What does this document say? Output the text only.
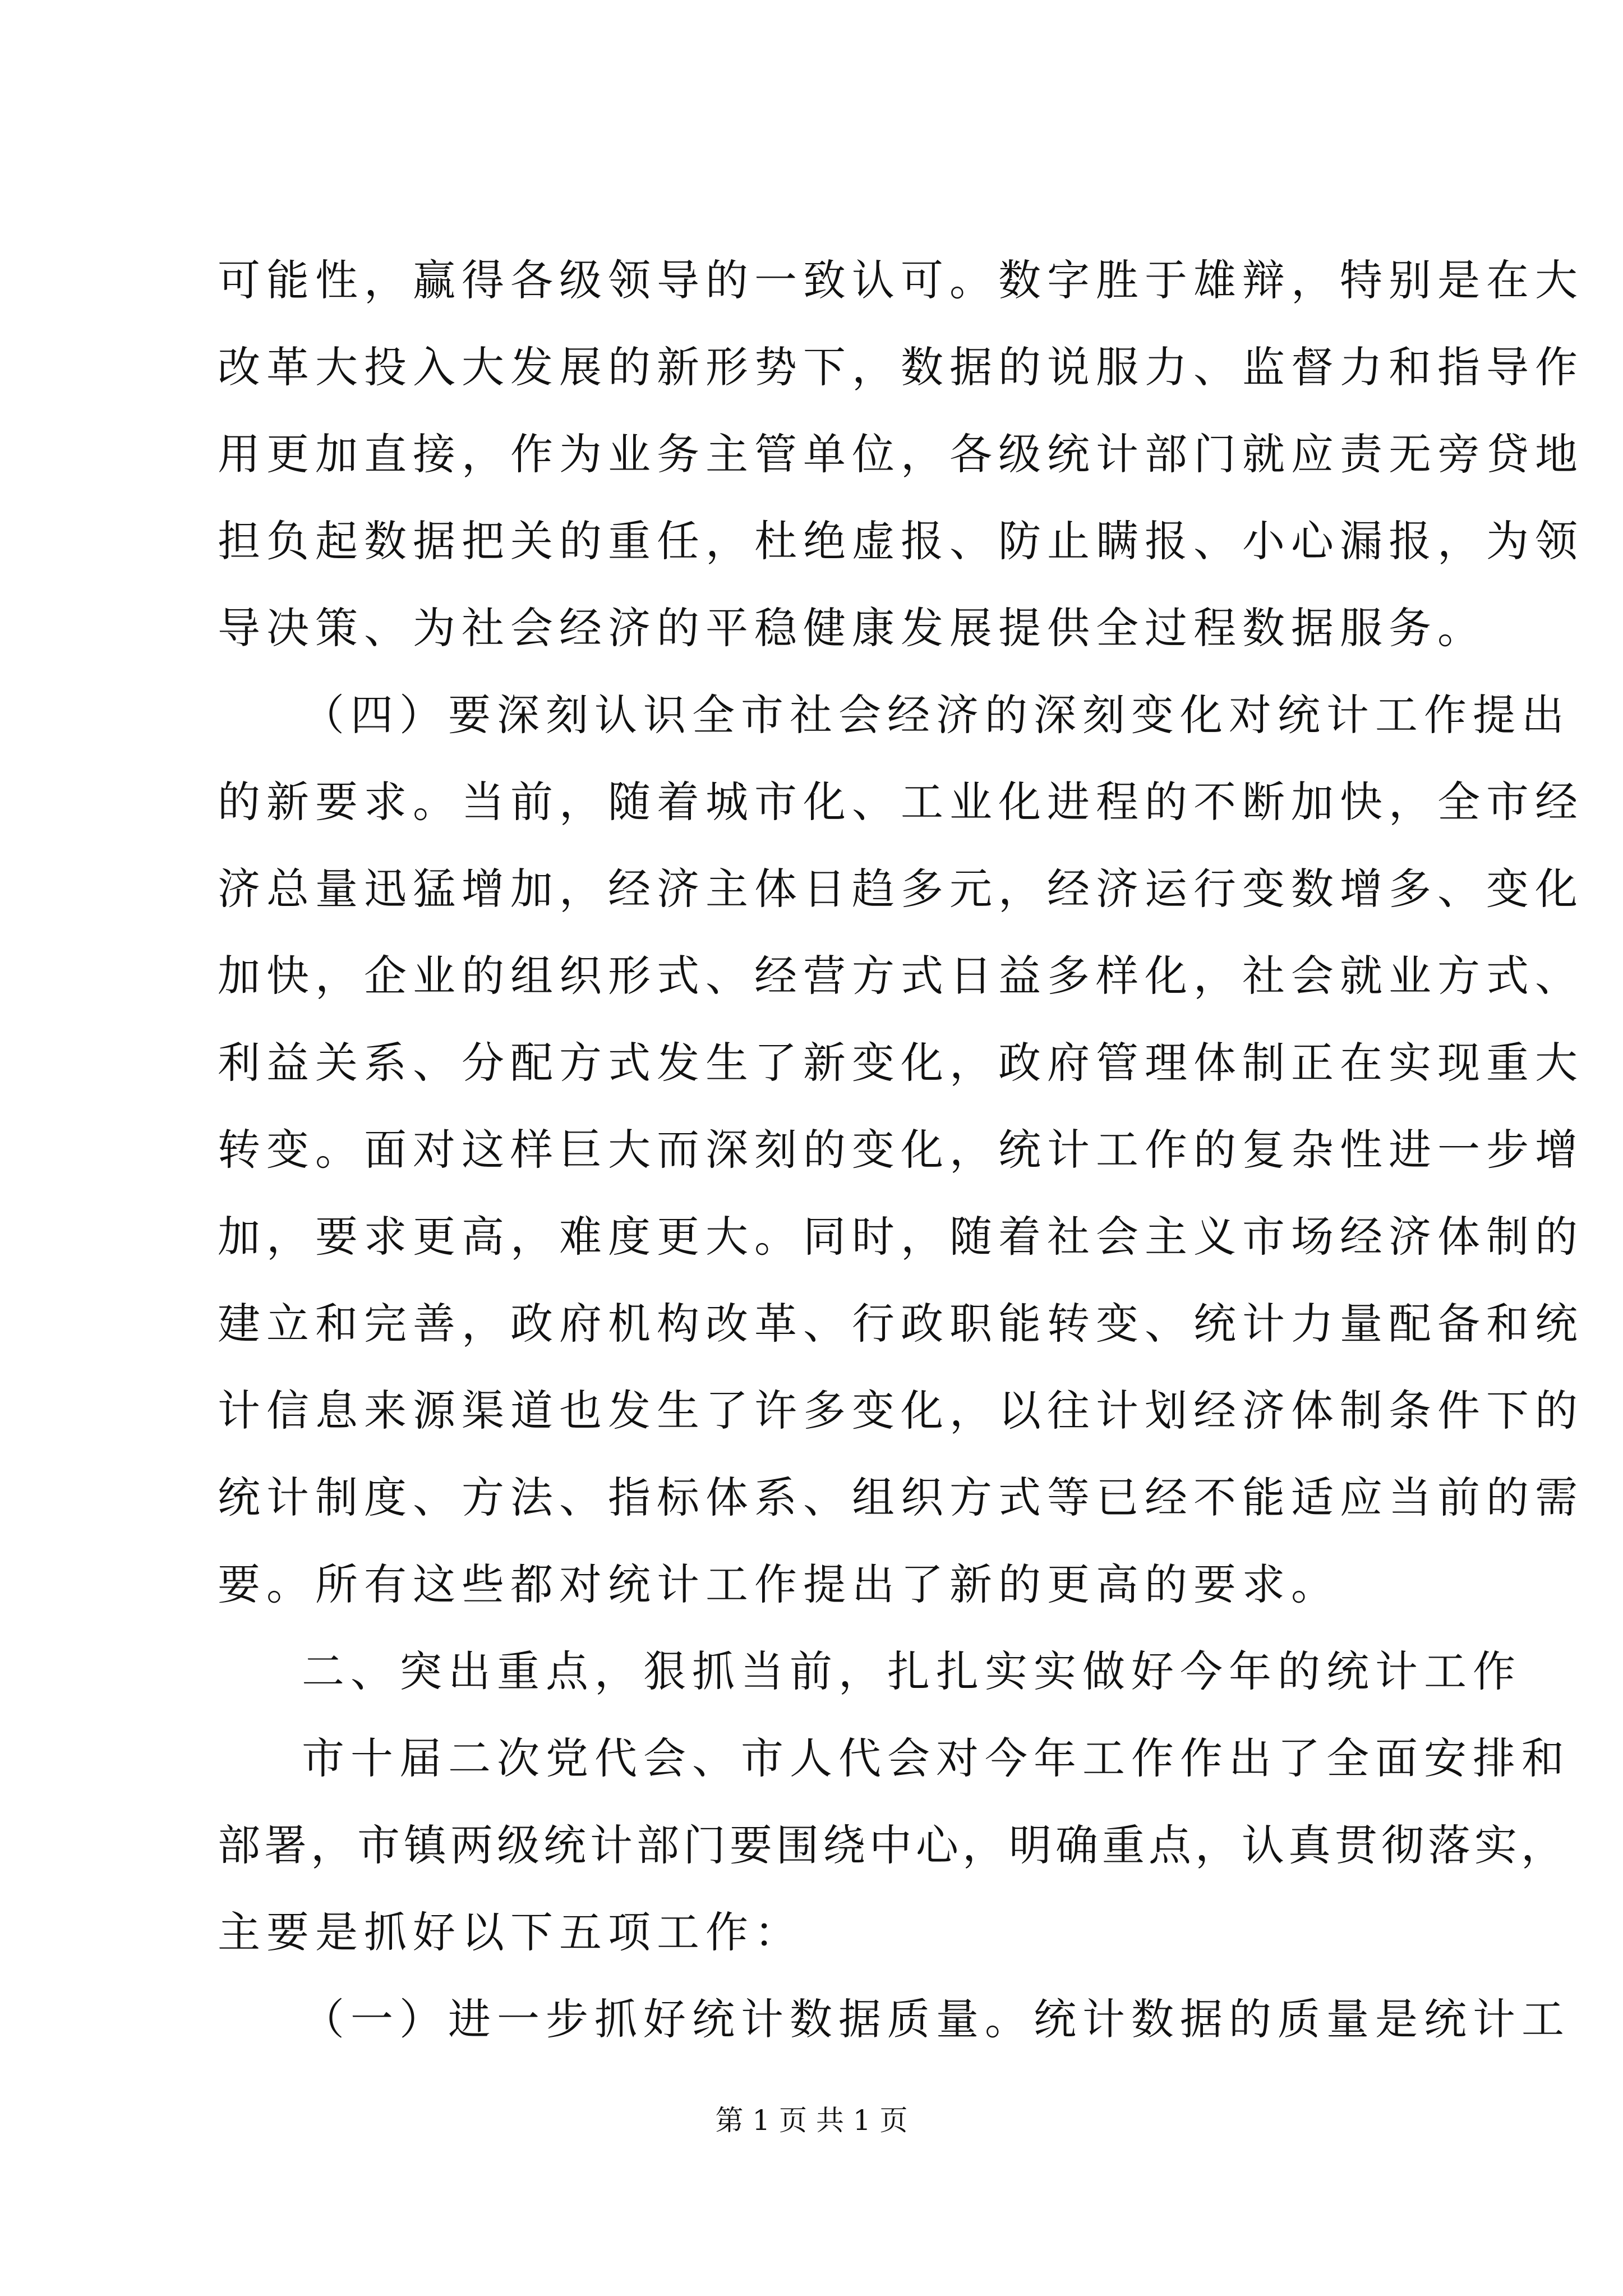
可能性，赢得各级领导的一致认可。数字胜于雄辩，特别是在大
改革大投入大发展的新形势下，数据的说服力、监督力和指导作
用更加直接，作为业务主管单位，各级统计部门就应责无旁贷地
担负起数据把关的重任，杜绝虚报、防止瞒报、小心漏报，为领
导决策、为社会经济的平稳健康发展提供全过程数据服务。
（四）要深刻认识全市社会经济的深刻变化对统计工作提出
的新要求。当前，随着城市化、工业化进程的不断加快，全市经
济总量迅猛增加，经济主体日趋多元，经济运行变数增多、变化
加快，企业的组织形式、经营方式日益多样化，社会就业方式、
利益关系、分配方式发生了新变化，政府管理体制正在实现重大
转变。面对这样巨大而深刻的变化，统计工作的复杂性进一步增
加，要求更高，难度更大。同时，随着社会主义市场经济体制的
建立和完善，政府机构改革、行政职能转变、统计力量配备和统
计信息来源渠道也发生了许多变化，以往计划经济体制条件下的
统计制度、方法、指标体系、组织方式等已经不能适应当前的需
要。所有这些都对统计工作提出了新的更高的要求。
二、突出重点，狠抓当前，扎扎实实做好今年的统计工作
市十届二次党代会、市人代会对今年工作作出了全面安排和
部署，市镇两级统计部门要围绕中心，明确重点，认真贯彻落实，
主要是抓好以下五项工作：
（一）进一步抓好统计数据质量。统计数据的质量是统计工
第 1 页 共 1 页
